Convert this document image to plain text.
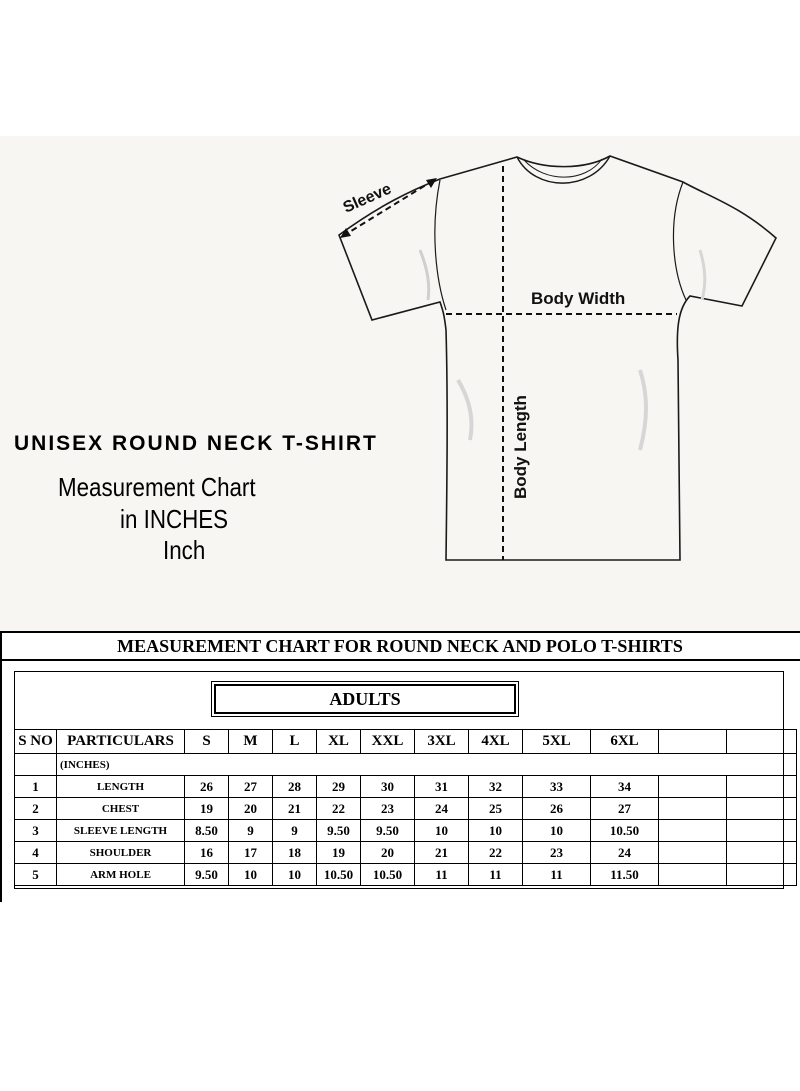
Sleeve
Body Width
Body Length
UNISEX ROUND NECK T-SHIRT
Measurement Chart
in INCHES
Inch
MEASUREMENT CHART FOR ROUND NECK AND POLO T-SHIRTS
ADULTS
S NO	PARTICULARS	S	M	L	XL	XXL	3XL	4XL	5XL	6XL		
	(INCHES)											
1	LENGTH	26	27	28	29	30	31	32	33	34		
2	CHEST	19	20	21	22	23	24	25	26	27		
3	SLEEVE LENGTH	8.50	9	9	9.50	9.50	10	10	10	10.50		
4	SHOULDER	16	17	18	19	20	21	22	23	24		
5	ARM HOLE	9.50	10	10	10.50	10.50	11	11	11	11.50		
